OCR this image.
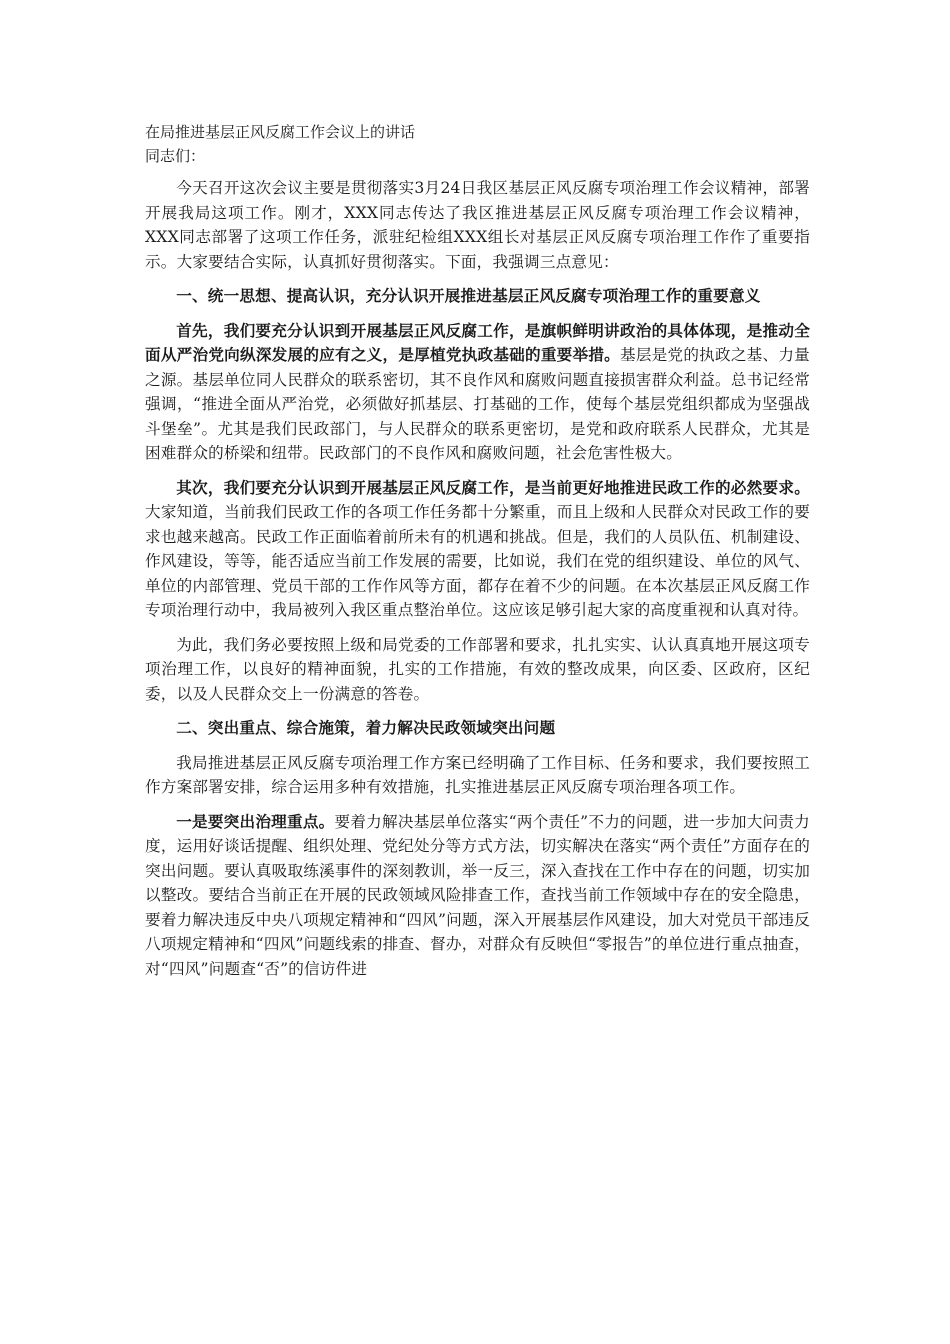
在局推进基层正风反腐工作会议上的讲话

同志们：

今天召开这次会议主要是贯彻落实3月24日我区基层正风反腐专项治理工作会议精神，部署开展我局这项工作。刚才，XXX同志传达了我区推进基层正风反腐专项治理工作会议精神，XXX同志部署了这项工作任务，派驻纪检组XXX组长对基层正风反腐专项治理工作作了重要指示。大家要结合实际，认真抓好贯彻落实。下面，我强调三点意见：

一、统一思想、提高认识，充分认识开展推进基层正风反腐专项治理工作的重要意义

首先，我们要充分认识到开展基层正风反腐工作，是旗帜鲜明讲政治的具体体现，是推动全面从严治党向纵深发展的应有之义，是厚植党执政基础的重要举措。基层是党的执政之基、力量之源。基层单位同人民群众的联系密切，其不良作风和腐败问题直接损害群众利益。总书记经常强调，“推进全面从严治党，必须做好抓基层、打基础的工作，使每个基层党组织都成为坚强战斗堡垒”。尤其是我们民政部门，与人民群众的联系更密切，是党和政府联系人民群众，尤其是困难群众的桥梁和纽带。民政部门的不良作风和腐败问题，社会危害性极大。

其次，我们要充分认识到开展基层正风反腐工作，是当前更好地推进民政工作的必然要求。大家知道，当前我们民政工作的各项工作任务都十分繁重，而且上级和人民群众对民政工作的要求也越来越高。民政工作正面临着前所未有的机遇和挑战。但是，我们的人员队伍、机制建设、作风建设，等等，能否适应当前工作发展的需要，比如说，我们在党的组织建设、单位的风气、单位的内部管理、党员干部的工作作风等方面，都存在着不少的问题。在本次基层正风反腐工作专项治理行动中，我局被列入我区重点整治单位。这应该足够引起大家的高度重视和认真对待。

为此，我们务必要按照上级和局党委的工作部署和要求，扎扎实实、认认真真地开展这项专项治理工作，以良好的精神面貌，扎实的工作措施，有效的整改成果，向区委、区政府，区纪委，以及人民群众交上一份满意的答卷。

二、突出重点、综合施策，着力解决民政领域突出问题

我局推进基层正风反腐专项治理工作方案已经明确了工作目标、任务和要求，我们要按照工作方案部署安排，综合运用多种有效措施，扎实推进基层正风反腐专项治理各项工作。

一是要突出治理重点。要着力解决基层单位落实“两个责任”不力的问题，进一步加大问责力度，运用好谈话提醒、组织处理、党纪处分等方式方法，切实解决在落实“两个责任”方面存在的突出问题。要认真吸取练溪事件的深刻教训，举一反三，深入查找在工作中存在的问题，切实加以整改。要结合当前正在开展的民政领域风险排查工作，查找当前工作领域中存在的安全隐患，要着力解决违反中央八项规定精神和“四风”问题，深入开展基层作风建设，加大对党员干部违反八项规定精神和“四风”问题线索的排查、督办，对群众有反映但“零报告”的单位进行重点抽查，对“四风”问题查“否”的信访件进
